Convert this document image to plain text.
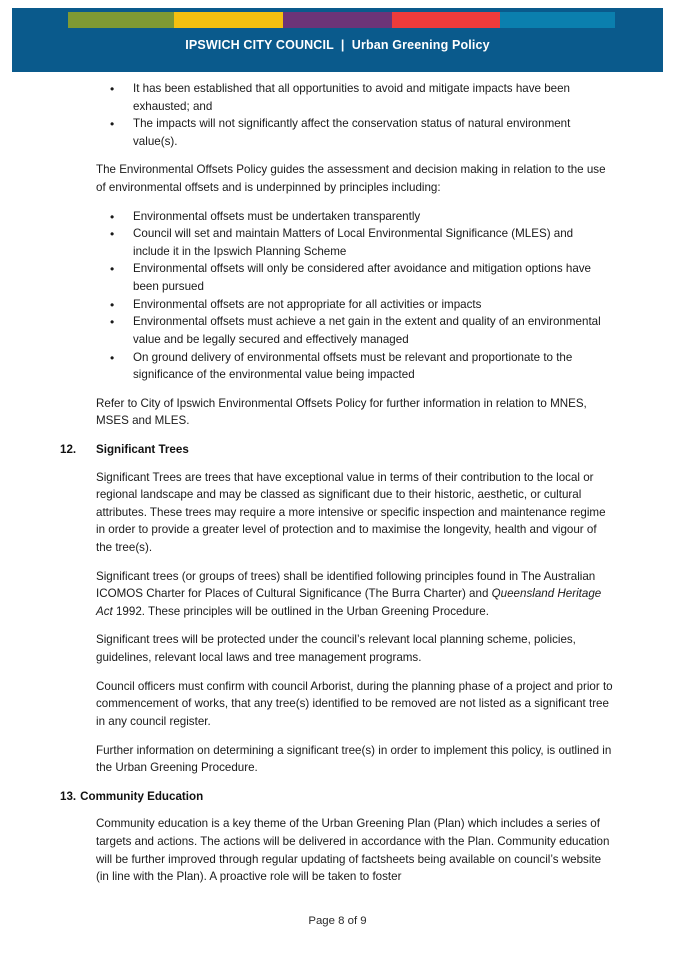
IPSWICH CITY COUNCIL  |  Urban Greening Policy
• It has been established that all opportunities to avoid and mitigate impacts have been exhausted; and
• The impacts will not significantly affect the conservation status of natural environment value(s).

The Environmental Offsets Policy guides the assessment and decision making in relation to the use of environmental offsets and is underpinned by principles including:

• Environmental offsets must be undertaken transparently
• Council will set and maintain Matters of Local Environmental Significance (MLES) and include it in the Ipswich Planning Scheme
• Environmental offsets will only be considered after avoidance and mitigation options have been pursued
• Environmental offsets are not appropriate for all activities or impacts
• Environmental offsets must achieve a net gain in the extent and quality of an environmental value and be legally secured and effectively managed
• On ground delivery of environmental offsets must be relevant and proportionate to the significance of the environmental value being impacted

Refer to City of Ipswich Environmental Offsets Policy for further information in relation to MNES, MSES and MLES.

12. Significant Trees

Significant Trees are trees that have exceptional value in terms of their contribution to the local or regional landscape and may be classed as significant due to their historic, aesthetic, or cultural attributes. These trees may require a more intensive or specific inspection and maintenance regime in order to provide a greater level of protection and to maximise the longevity, health and vigour of the tree(s).

Significant trees (or groups of trees) shall be identified following principles found in The Australian ICOMOS Charter for Places of Cultural Significance (The Burra Charter) and Queensland Heritage Act 1992. These principles will be outlined in the Urban Greening Procedure.

Significant trees will be protected under the council’s relevant local planning scheme, policies, guidelines, relevant local laws and tree management programs.

Council officers must confirm with council Arborist, during the planning phase of a project and prior to commencement of works, that any tree(s) identified to be removed are not listed as a significant tree in any council register.

Further information on determining a significant tree(s) in order to implement this policy, is outlined in the Urban Greening Procedure.

13. Community Education

Community education is a key theme of the Urban Greening Plan (Plan) which includes a series of targets and actions. The actions will be delivered in accordance with the Plan. Community education will be further improved through regular updating of factsheets being available on council’s website (in line with the Plan). A proactive role will be taken to foster

Page 8 of 9
